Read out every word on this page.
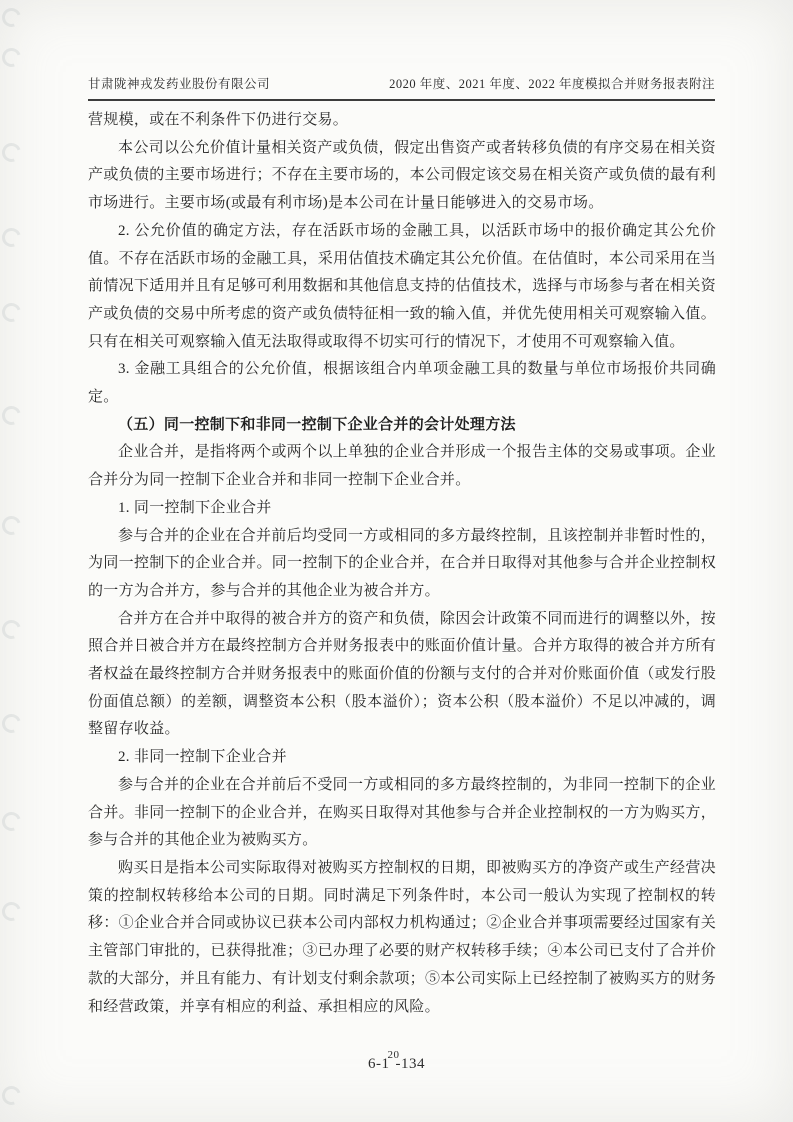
甘肃陇神戎发药业股份有限公司	2020 年度、2021 年度、2022 年度模拟合并财务报表附注

营规模，或在不利条件下仍进行交易。

本公司以公允价值计量相关资产或负债，假定出售资产或者转移负债的有序交易在相关资产或负债的主要市场进行；不存在主要市场的，本公司假定该交易在相关资产或负债的最有利市场进行。主要市场(或最有利市场)是本公司在计量日能够进入的交易市场。

2. 公允价值的确定方法，存在活跃市场的金融工具，以活跃市场中的报价确定其公允价值。不存在活跃市场的金融工具，采用估值技术确定其公允价值。在估值时，本公司采用在当前情况下适用并且有足够可利用数据和其他信息支持的估值技术，选择与市场参与者在相关资产或负债的交易中所考虑的资产或负债特征相一致的输入值，并优先使用相关可观察输入值。只有在相关可观察输入值无法取得或取得不切实可行的情况下，才使用不可观察输入值。

3. 金融工具组合的公允价值，根据该组合内单项金融工具的数量与单位市场报价共同确定。

（五）同一控制下和非同一控制下企业合并的会计处理方法

企业合并，是指将两个或两个以上单独的企业合并形成一个报告主体的交易或事项。企业合并分为同一控制下企业合并和非同一控制下企业合并。

1. 同一控制下企业合并

参与合并的企业在合并前后均受同一方或相同的多方最终控制，且该控制并非暂时性的，为同一控制下的企业合并。同一控制下的企业合并，在合并日取得对其他参与合并企业控制权的一方为合并方，参与合并的其他企业为被合并方。

合并方在合并中取得的被合并方的资产和负债，除因会计政策不同而进行的调整以外，按照合并日被合并方在最终控制方合并财务报表中的账面价值计量。合并方取得的被合并方所有者权益在最终控制方合并财务报表中的账面价值的份额与支付的合并对价账面价值（或发行股份面值总额）的差额，调整资本公积（股本溢价）；资本公积（股本溢价）不足以冲减的，调整留存收益。

2. 非同一控制下企业合并

参与合并的企业在合并前后不受同一方或相同的多方最终控制的，为非同一控制下的企业合并。非同一控制下的企业合并，在购买日取得对其他参与合并企业控制权的一方为购买方，参与合并的其他企业为被购买方。

购买日是指本公司实际取得对被购买方控制权的日期，即被购买方的净资产或生产经营决策的控制权转移给本公司的日期。同时满足下列条件时，本公司一般认为实现了控制权的转移：①企业合并合同或协议已获本公司内部权力机构通过；②企业合并事项需要经过国家有关主管部门审批的，已获得批准；③已办理了必要的财产权转移手续；④本公司已支付了合并价款的大部分，并且有能力、有计划支付剩余款项；⑤本公司实际上已经控制了被购买方的财务和经营政策，并享有相应的利益、承担相应的风险。

6-120-134
